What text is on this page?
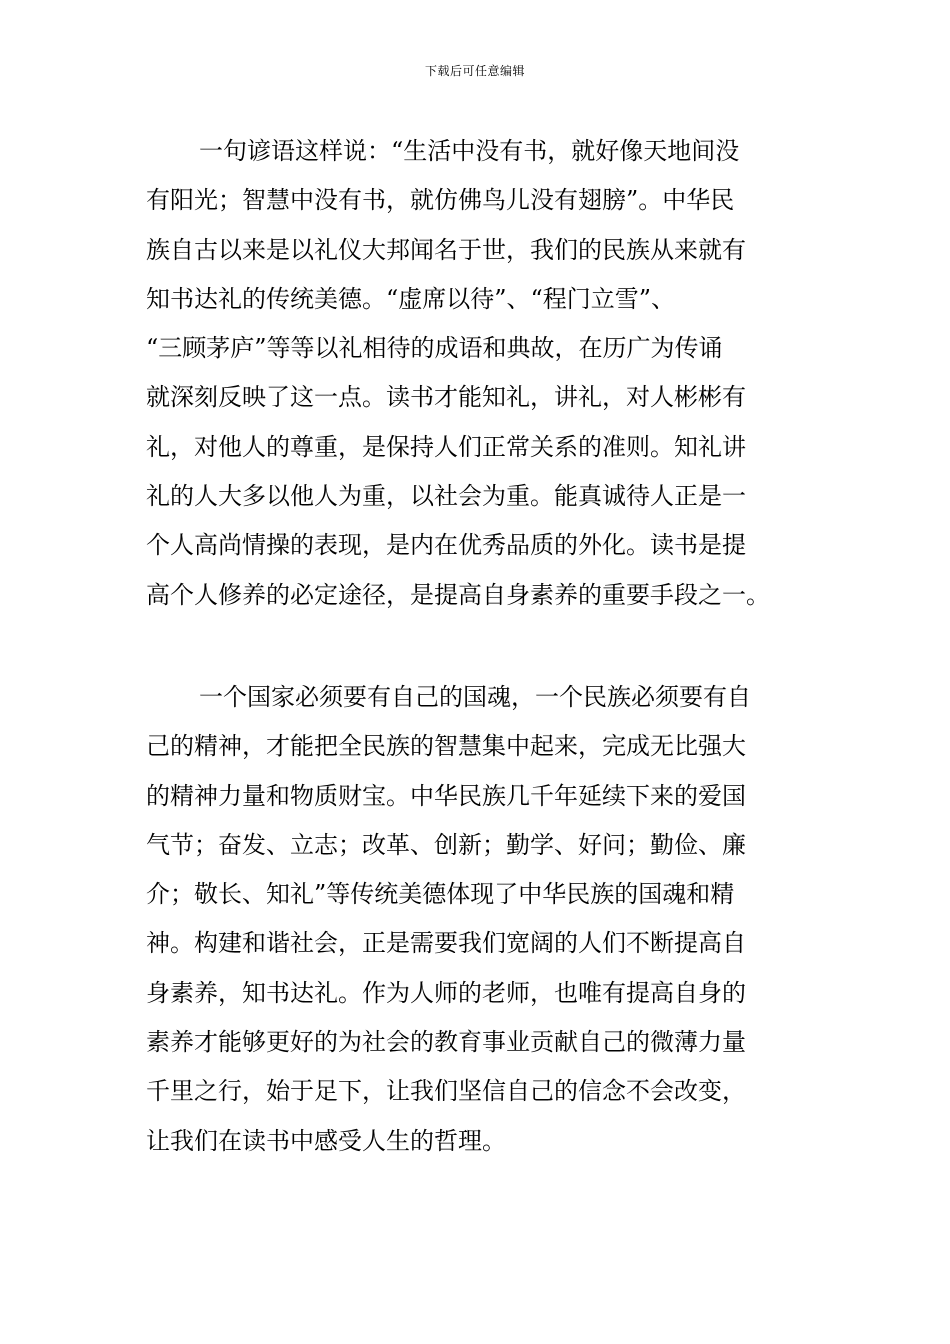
下载后可任意编辑
一句谚语这样说：“生活中没有书，就好像天地间没
有阳光；智慧中没有书，就仿佛鸟儿没有翅膀”。中华民
族自古以来是以礼仪大邦闻名于世，我们的民族从来就有
知书达礼的传统美德。“虚席以待”、“程门立雪”、
“三顾茅庐”等等以礼相待的成语和典故，在历广为传诵
就深刻反映了这一点。读书才能知礼，讲礼，对人彬彬有
礼，对他人的尊重，是保持人们正常关系的准则。知礼讲
礼的人大多以他人为重，以社会为重。能真诚待人正是一
个人高尚情操的表现，是内在优秀品质的外化。读书是提
高个人修养的必定途径，是提高自身素养的重要手段之一。
一个国家必须要有自己的国魂，一个民族必须要有自
己的精神，才能把全民族的智慧集中起来，完成无比强大
的精神力量和物质财宝。中华民族几千年延续下来的爱国
气节；奋发、立志；改革、创新；勤学、好问；勤俭、廉
介；敬长、知礼”等传统美德体现了中华民族的国魂和精
神。构建和谐社会，正是需要我们宽阔的人们不断提高自
身素养，知书达礼。作为人师的老师，也唯有提高自身的
素养才能够更好的为社会的教育事业贡献自己的微薄力量
千里之行，始于足下，让我们坚信自己的信念不会改变，
让我们在读书中感受人生的哲理。
